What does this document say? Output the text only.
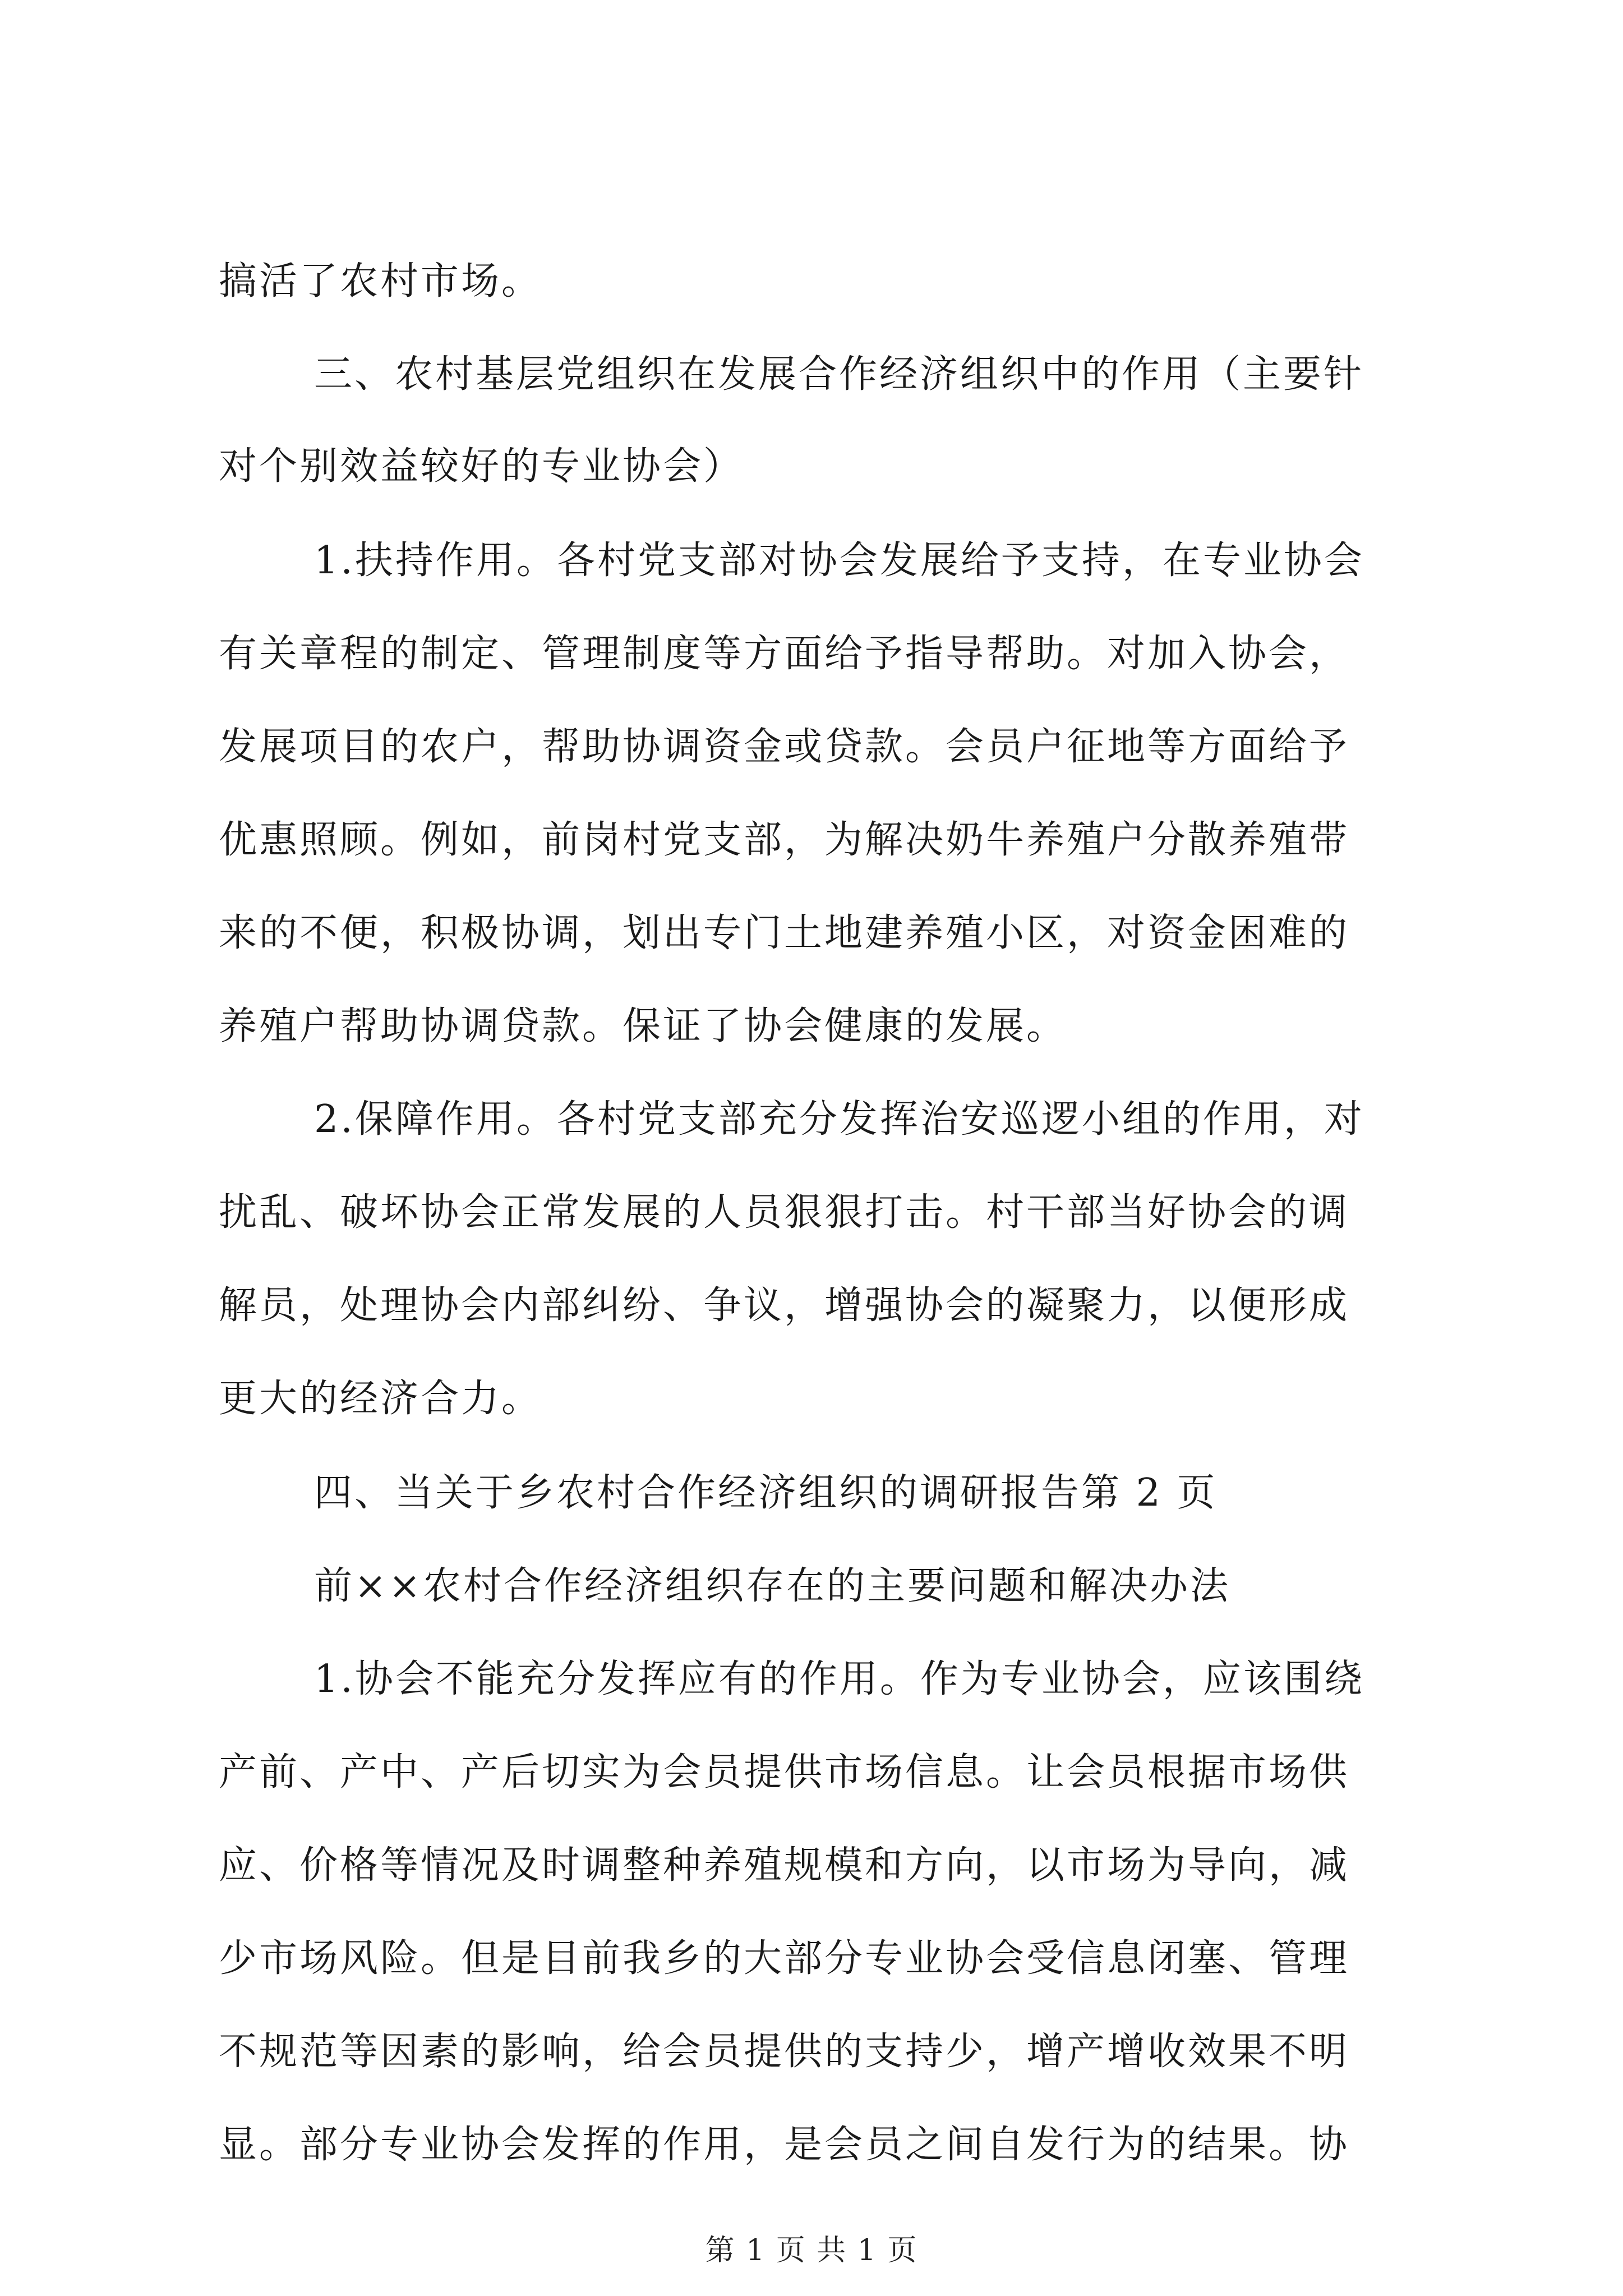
搞活了农村市场。
三、农村基层党组织在发展合作经济组织中的作用（主要针
对个别效益较好的专业协会）
1.扶持作用。各村党支部对协会发展给予支持，在专业协会
有关章程的制定、管理制度等方面给予指导帮助。对加入协会，
发展项目的农户，帮助协调资金或贷款。会员户征地等方面给予
优惠照顾。例如，前岗村党支部，为解决奶牛养殖户分散养殖带
来的不便，积极协调，划出专门土地建养殖小区，对资金困难的
养殖户帮助协调贷款。保证了协会健康的发展。
2.保障作用。各村党支部充分发挥治安巡逻小组的作用，对
扰乱、破坏协会正常发展的人员狠狠打击。村干部当好协会的调
解员，处理协会内部纠纷、争议，增强协会的凝聚力，以便形成
更大的经济合力。
四、当关于乡农村合作经济组织的调研报告第 2 页
前××农村合作经济组织存在的主要问题和解决办法
1.协会不能充分发挥应有的作用。作为专业协会，应该围绕
产前、产中、产后切实为会员提供市场信息。让会员根据市场供
应、价格等情况及时调整种养殖规模和方向，以市场为导向，减
少市场风险。但是目前我乡的大部分专业协会受信息闭塞、管理
不规范等因素的影响，给会员提供的支持少，增产增收效果不明
显。部分专业协会发挥的作用，是会员之间自发行为的结果。协
第 1 页 共 1 页
